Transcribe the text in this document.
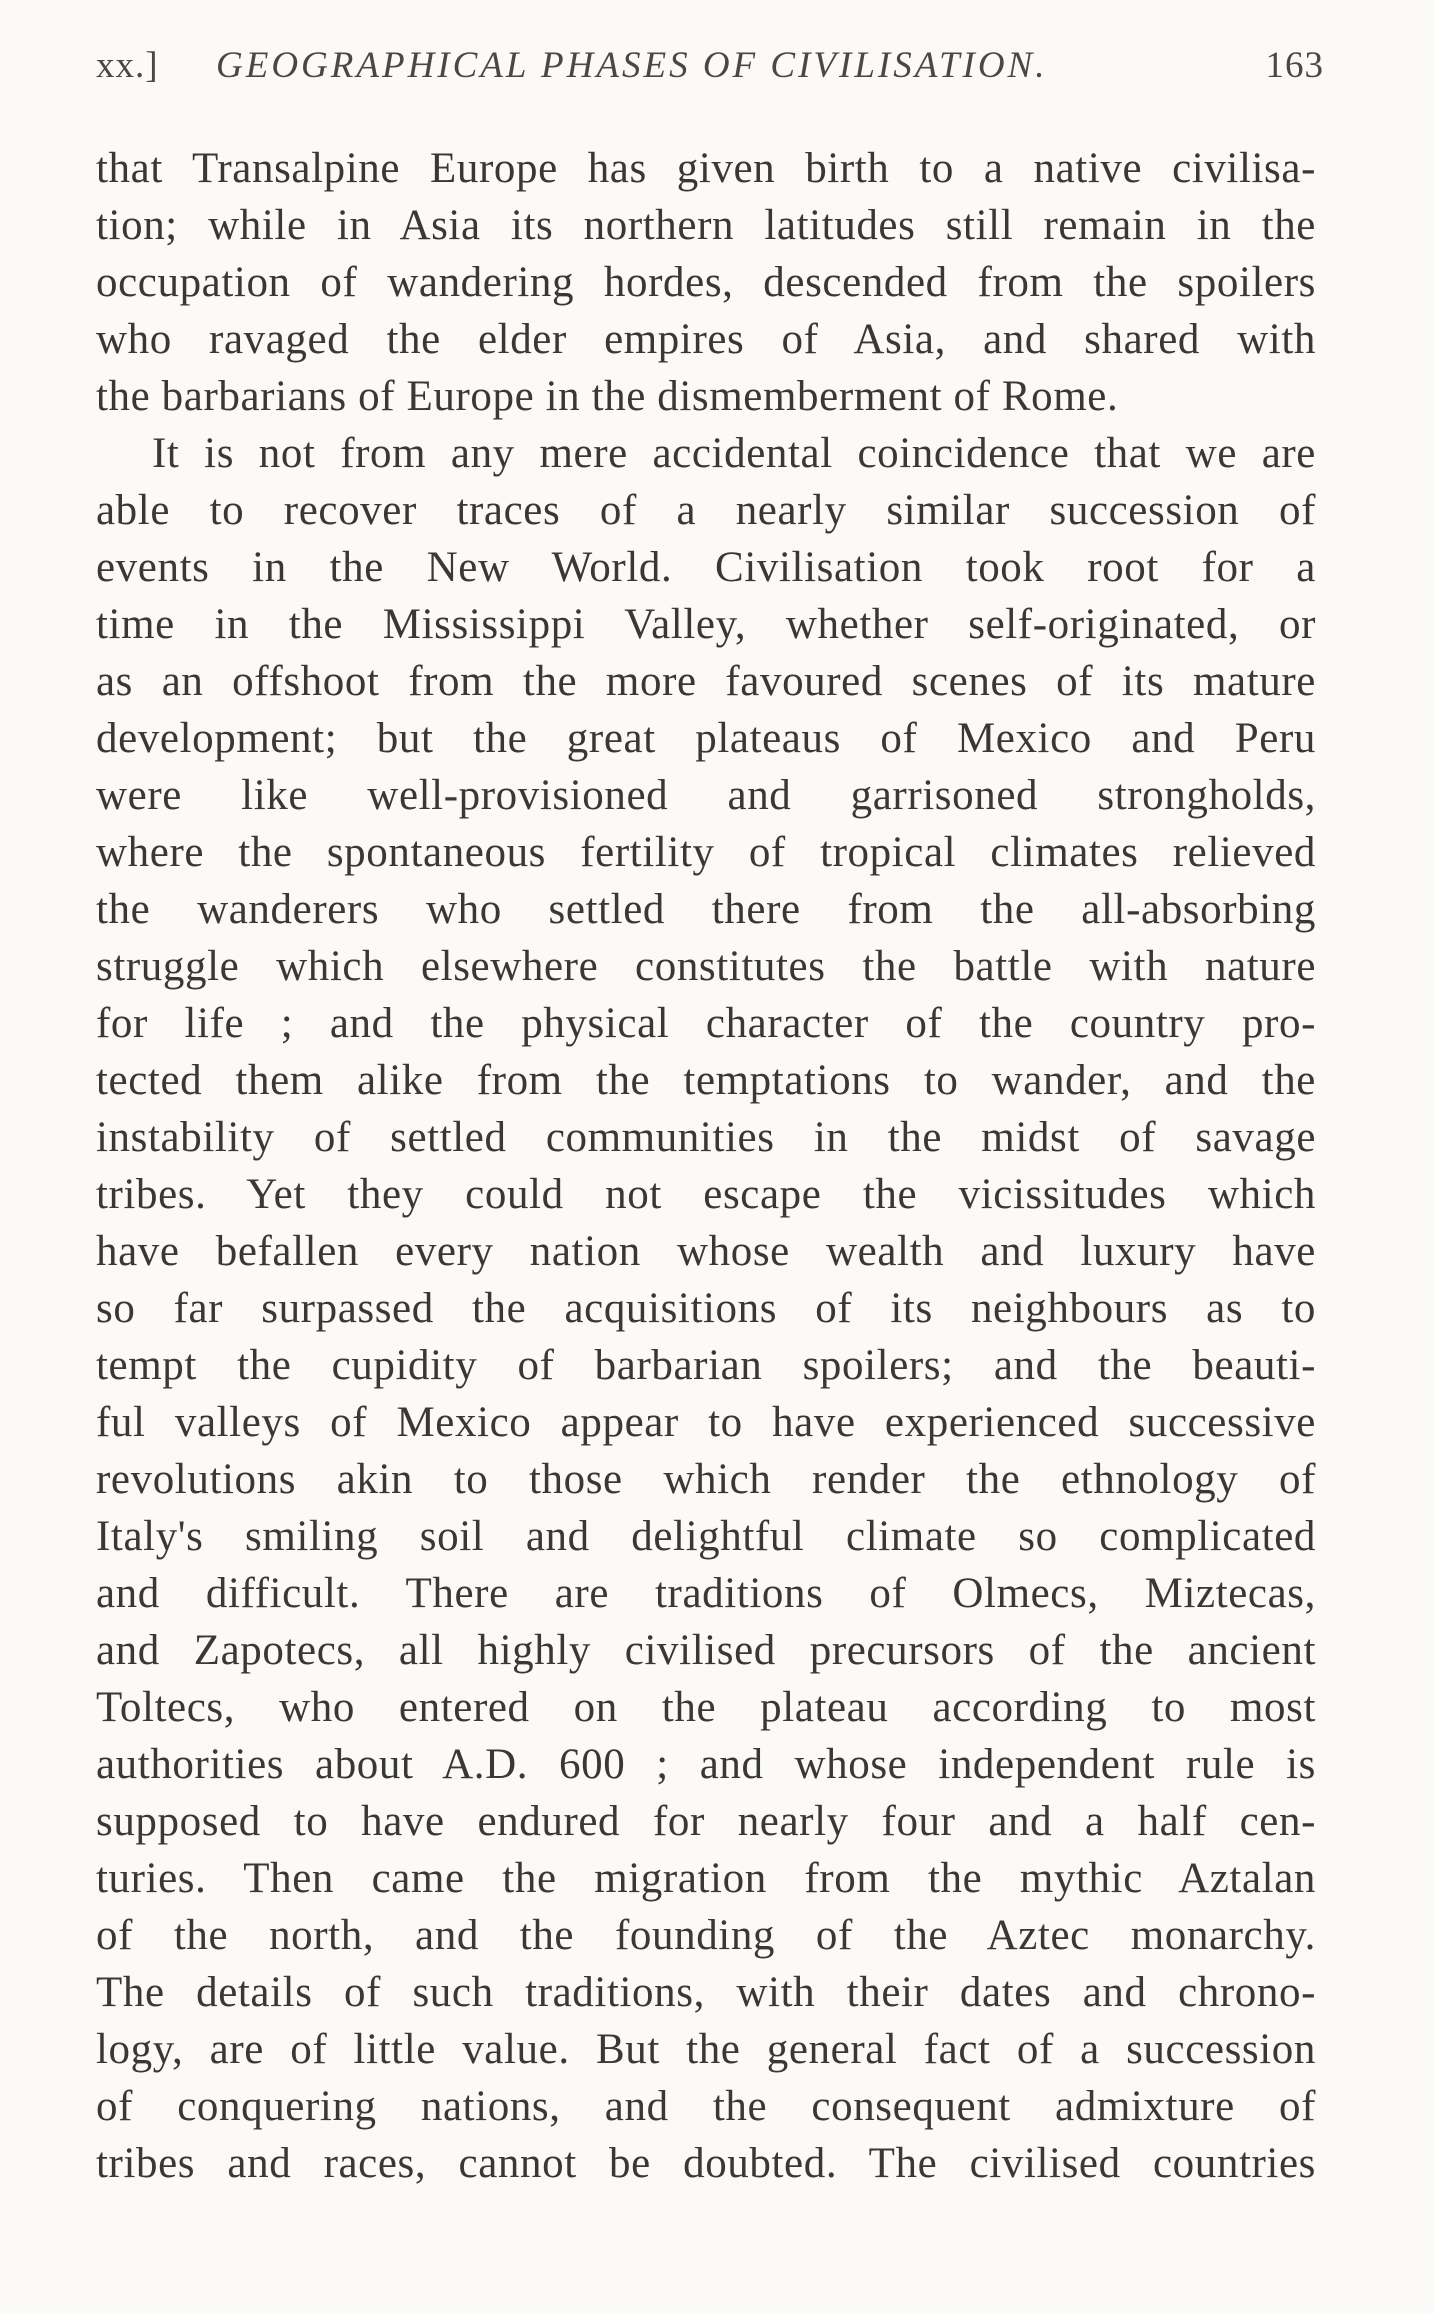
xx.] GEOGRAPHICAL PHASES OF CIVILISATION.	163
that Transalpine Europe has given birth to a native civilisa-
tion; while in Asia its northern latitudes still remain in the
occupation of wandering hordes, descended from the spoilers
who ravaged the elder empires of Asia, and shared with
the barbarians of Europe in the dismemberment of Rome.
It is not from any mere accidental coincidence that we are
able to recover traces of a nearly similar succession of
events in the New World. Civilisation took root for a
time in the Mississippi Valley, whether self-originated, or
as an offshoot from the more favoured scenes of its mature
development; but the great plateaus of Mexico and Peru
were like well-provisioned and garrisoned strongholds,
where the spontaneous fertility of tropical climates relieved
the wanderers who settled there from the all-absorbing
struggle which elsewhere constitutes the battle with nature
for life ; and the physical character of the country pro-
tected them alike from the temptations to wander, and the
instability of settled communities in the midst of savage
tribes. Yet they could not escape the vicissitudes which
have befallen every nation whose wealth and luxury have
so far surpassed the acquisitions of its neighbours as to
tempt the cupidity of barbarian spoilers; and the beauti-
ful valleys of Mexico appear to have experienced successive
revolutions akin to those which render the ethnology of
Italy's smiling soil and delightful climate so complicated
and difficult. There are traditions of Olmecs, Miztecas,
and Zapotecs, all highly civilised precursors of the ancient
Toltecs, who entered on the plateau according to most
authorities about A.D. 600 ; and whose independent rule is
supposed to have endured for nearly four and a half cen-
turies. Then came the migration from the mythic Aztalan
of the north, and the founding of the Aztec monarchy.
The details of such traditions, with their dates and chrono-
logy, are of little value. But the general fact of a succession
of conquering nations, and the consequent admixture of
tribes and races, cannot be doubted. The civilised countries
